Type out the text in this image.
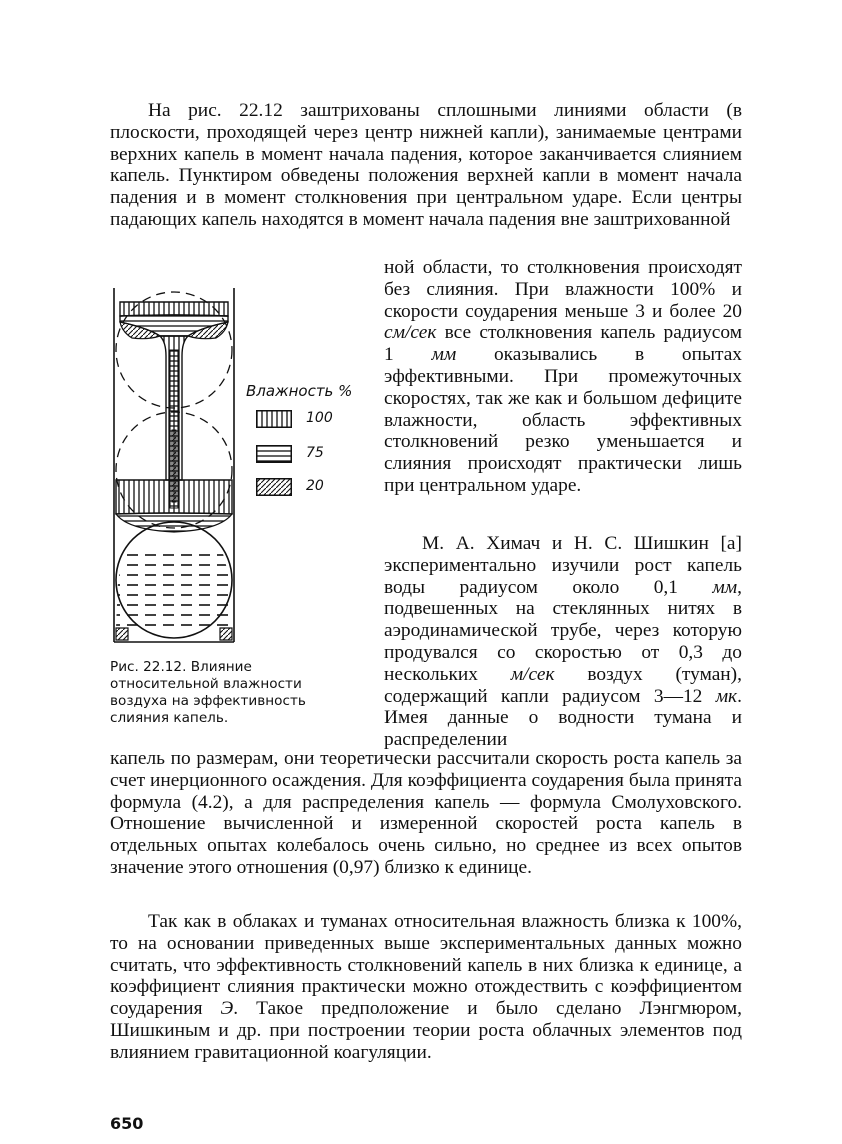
На рис. 22.12 заштрихованы сплошными линиями области (в плоскости, проходящей через центр нижней капли), занимаемые центрами верхних капель в момент начала падения, которое заканчивается слиянием капель. Пунктиром обведены положения верхней капли в момент начала падения и в момент столкновения при центральном ударе. Если центры падающих капель находятся в момент начала падения вне заштрихованной
ной области, то столкновения происходят без слияния. При влажности 100% и скорости соударения меньше 3 и более 20 см/сек все столкновения капель радиусом 1 мм оказывались в опытах эффективными. При промежуточных скоростях, так же как и большом дефиците влажности, область эффективных столкновений резко уменьшается и слияния происходят практически лишь при центральном ударе.
М. А. Химач и Н. С. Шишкин [а] экспериментально изучили рост капель воды радиусом около 0,1 мм, подвешенных на стеклянных нитях в аэродинамической трубе, через которую продувался со скоростью от 0,3 до нескольких м/сек воздух (туман), содержащий капли радиусом 3—12 мк. Имея данные о водности тумана и распределении
капель по размерам, они теоретически рассчитали скорость роста капель за счет инерционного осаждения. Для коэффициента соударения была принята формула (4.2), а для распределения капель — формула Смолуховского. Отношение вычисленной и измеренной скоростей роста капель в отдельных опытах колебалось очень сильно, но среднее из всех опытов значение этого отношения (0,97) близко к единице.
Так как в облаках и туманах относительная влажность близка к 100%, то на основании приведенных выше экспериментальных данных можно считать, что эффективность столкновений капель в них близка к единице, а коэффициент слияния практически можно отождествить с коэффициентом соударения Э. Такое предположение и было сделано Лэнгмюром, Шишкиным и др. при построении теории роста облачных элементов под влиянием гравитационной коагуляции.
Влажность %
100
75
20
Рис. 22.12. Влияние относительной влажности воздуха на эффективность слияния капель.
650
